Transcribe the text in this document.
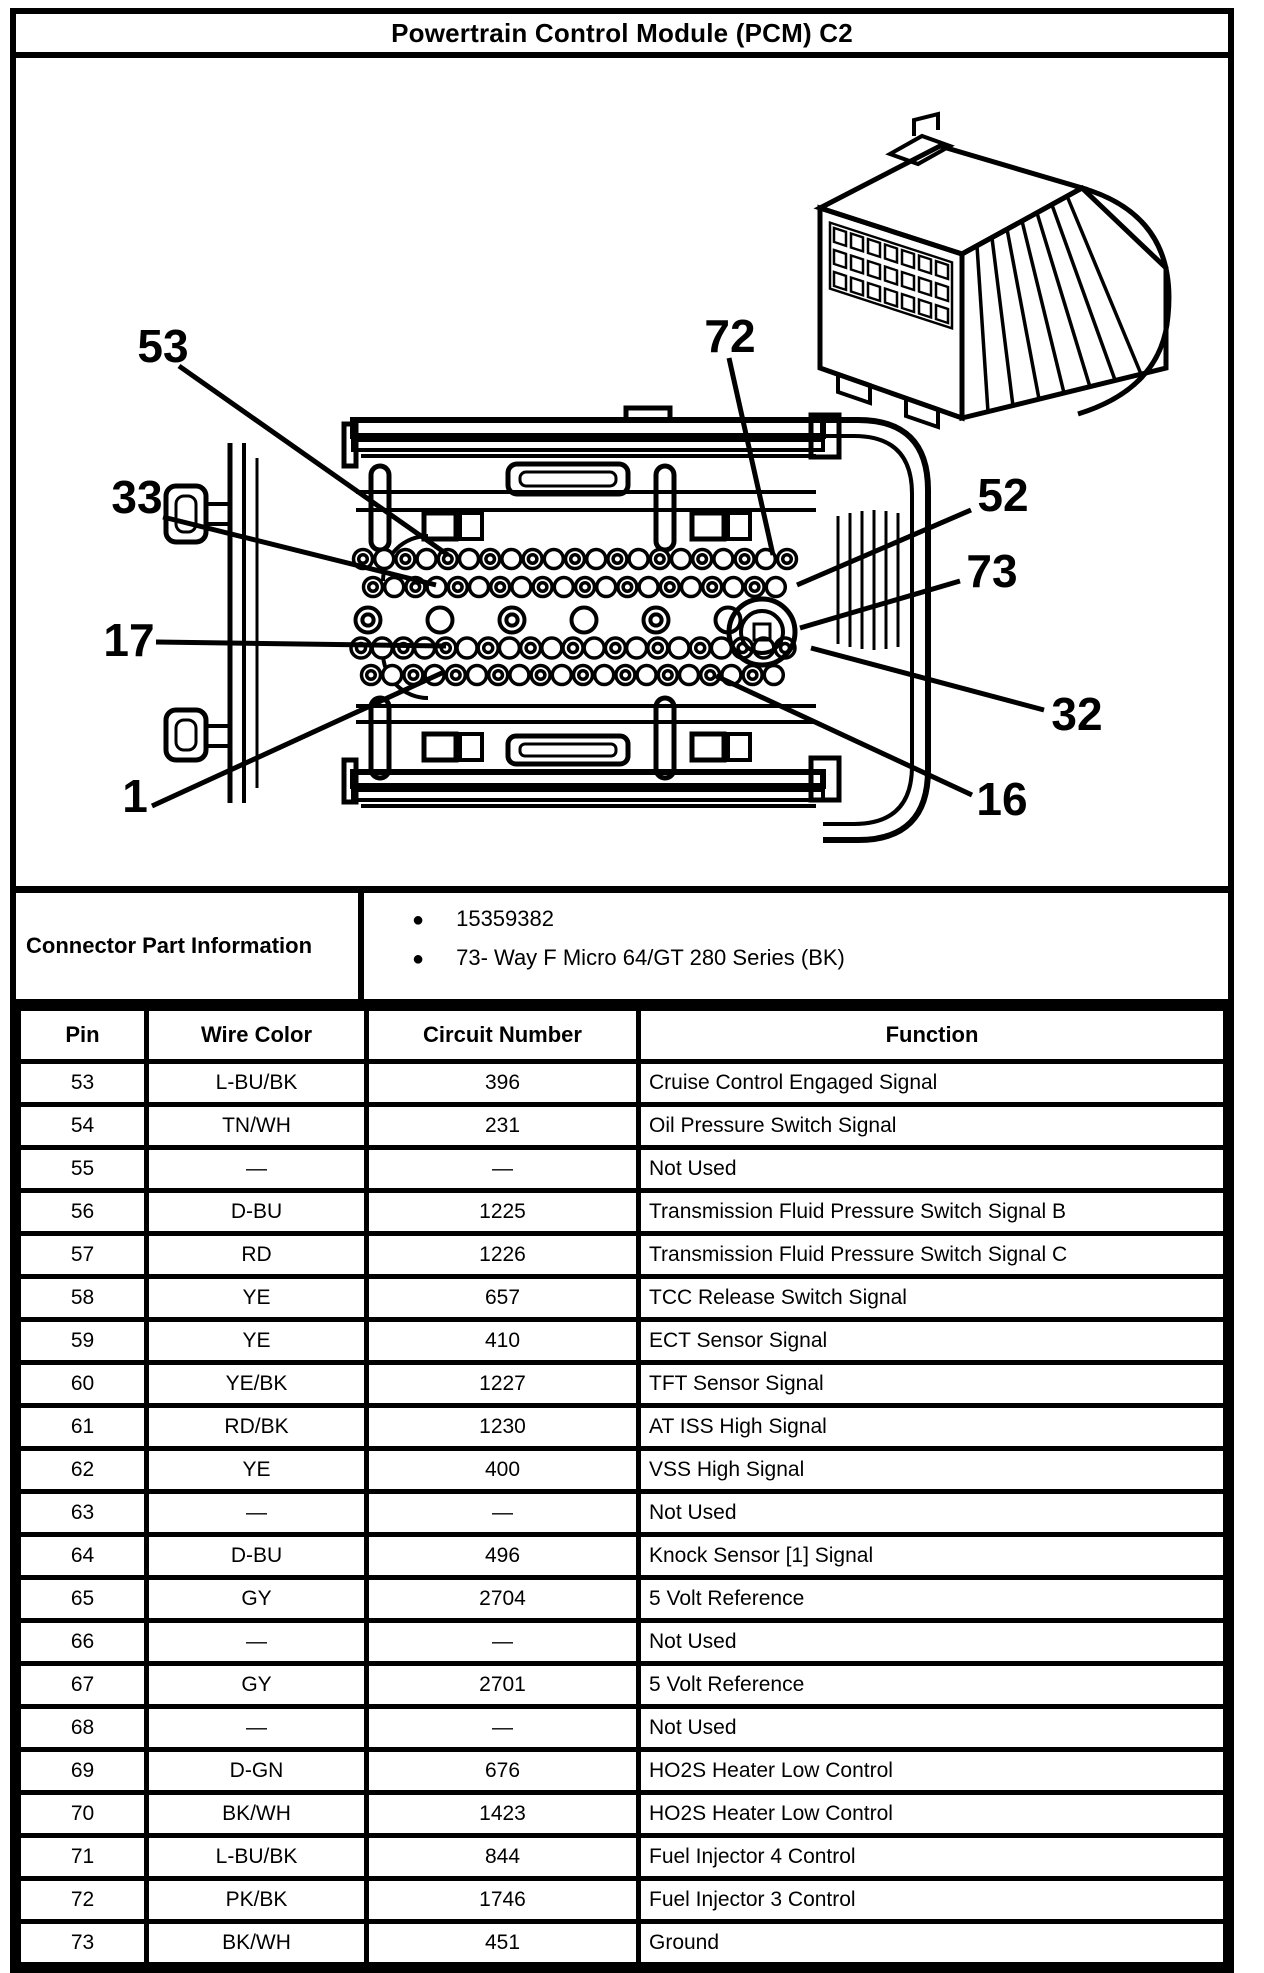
Powertrain Control Module (PCM) C2
53	72
33	52
73
17
32
1	16
Connector Part Information
● 15359382
● 73- Way F Micro 64/GT 280 Series (BK)
Pin	Wire Color	Circuit Number	Function
53	L-BU/BK	396	Cruise Control Engaged Signal
54	TN/WH	231	Oil Pressure Switch Signal
55	—	—	Not Used
56	D-BU	1225	Transmission Fluid Pressure Switch Signal B
57	RD	1226	Transmission Fluid Pressure Switch Signal C
58	YE	657	TCC Release Switch Signal
59	YE	410	ECT Sensor Signal
60	YE/BK	1227	TFT Sensor Signal
61	RD/BK	1230	AT ISS High Signal
62	YE	400	VSS High Signal
63	—	—	Not Used
64	D-BU	496	Knock Sensor [1] Signal
65	GY	2704	5 Volt Reference
66	—	—	Not Used
67	GY	2701	5 Volt Reference
68	—	—	Not Used
69	D-GN	676	HO2S Heater Low Control
70	BK/WH	1423	HO2S Heater Low Control
71	L-BU/BK	844	Fuel Injector 4 Control
72	PK/BK	1746	Fuel Injector 3 Control
73	BK/WH	451	Ground
